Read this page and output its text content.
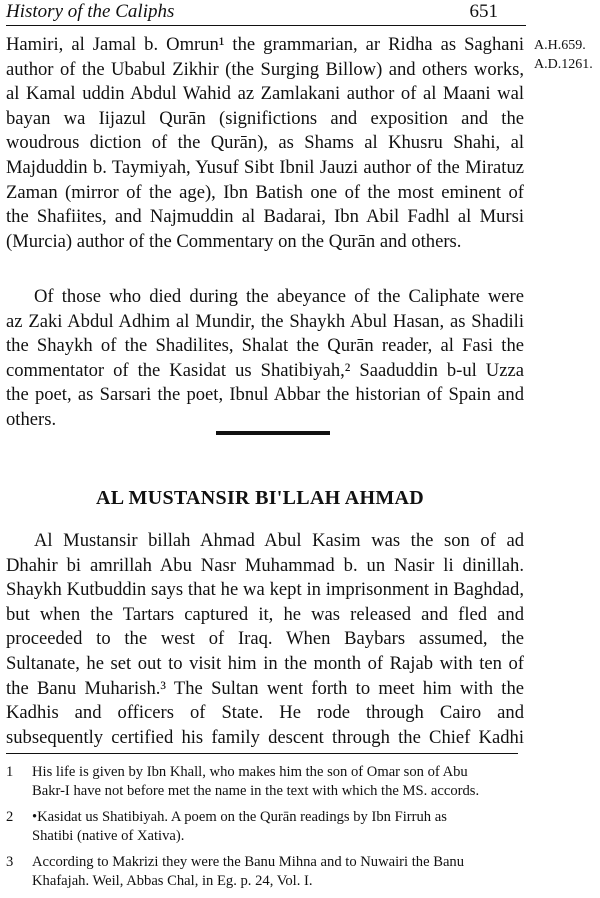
History of the Caliphs	651
A.H.659.
A.D.1261.
Hamiri, al Jamal b. Omrun¹ the grammarian, ar Ridha as Saghani
author of the Ubabul Zikhir (the Surging Billow) and others works,
al Kamal uddin Abdul Wahid az Zamlakani author of al Maani wal
bayan wa Iijazul Qurān (significtions and exposition and the
woudrous diction of the Qurān), as Shams al Khusru Shahi, al
Majduddin b. Taymiyah, Yusuf Sibt Ibnil Jauzi author of the Miratuz
Zaman (mirror of the age), Ibn Batish one of the most eminent of
the Shafiites, and Najmuddin al Badarai, Ibn Abil Fadhl al Mursi
(Murcia) author of the Commentary on the Qurān and others.
Of those who died during the abeyance of the Caliphate were
az Zaki Abdul Adhim al Mundir, the Shaykh Abul Hasan, as Shadili
the Shaykh of the Shadilites, Shalat the Qurān reader, al Fasi the
commentator of the Kasidat us Shatibiyah,² Saaduddin b-ul Uzza
the poet, as Sarsari the poet, Ibnul Abbar the historian of Spain and
others.
AL MUSTANSIR BI'LLAH AHMAD
Al Mustansir billah Ahmad Abul Kasim was the son of ad
Dhahir bi amrillah Abu Nasr Muhammad b. un Nasir li dinillah.
Shaykh Kutbuddin says that he wa kept in imprisonment in Baghdad,
but when the Tartars captured it, he was released and fled and
proceeded to the west of Iraq. When Baybars assumed, the
Sultanate, he set out to visit him in the month of Rajab with ten of
the Banu Muharish.³ The Sultan went forth to meet him with the
Kadhis and officers of State. He rode through Cairo and
subsequently certified his family descent through the Chief Kadhi
1 His life is given by Ibn Khall, who makes him the son of Omar son of Abu
Bakr-I have not before met the name in the text with which the MS. accords.
2 •Kasidat us Shatibiyah. A poem on the Qurān readings by Ibn Firruh as
Shatibi (native of Xativa).
3 According to Makrizi they were the Banu Mihna and to Nuwairi the Banu
Khafajah. Weil, Abbas Chal, in Eg. p. 24, Vol. I.
